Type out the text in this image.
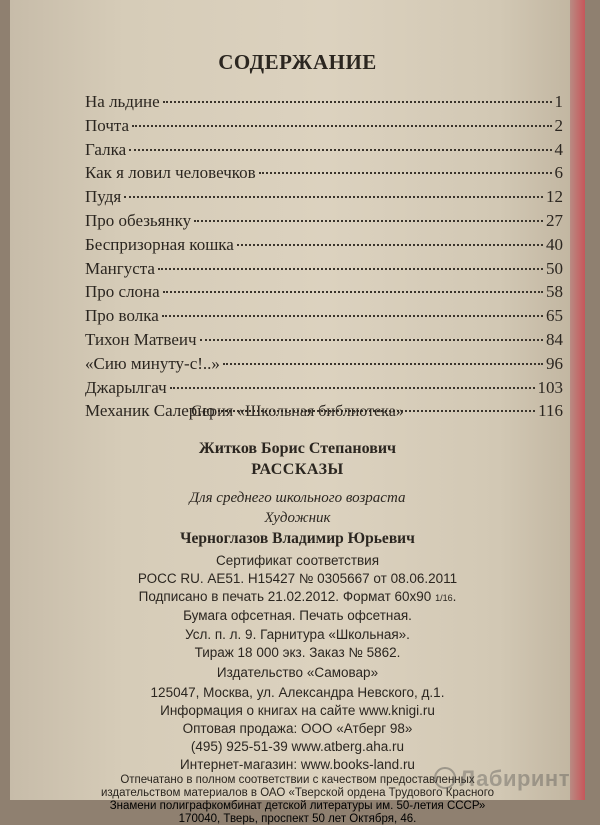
СОДЕРЖАНИЕ
На льдине	1
Почта	2
Галка	4
Как я ловил человечков	6
Пудя	12
Про обезьянку	27
Беспризорная кошка	40
Мангуста	50
Про слона	58
Про волка	65
Тихон Матвеич	84
«Сию минуту-с!..»	96
Джарылгач	103
Механик Салерно	116
Серия «Школьная библиотека»
Житков Борис Степанович
РАССКАЗЫ
Для среднего школьного возраста
Художник
Черноглазов Владимир Юрьевич
Сертификат соответствия
РОСС RU. АЕ51. Н15427 № 0305667 от 08.06.2011
Подписано в печать 21.02.2012. Формат 60х90 1/16.
Бумага офсетная. Печать офсетная.
Усл. п. л. 9. Гарнитура «Школьная».
Тираж 18 000 экз. Заказ № 5862.
Издательство «Самовар»
125047, Москва, ул. Александра Невского, д.1.
Информация о книгах на сайте www.knigi.ru
Оптовая продажа: ООО «Атберг 98»
(495) 925-51-39 www.atberg.aha.ru
Интернет-магазин: www.books-land.ru
Отпечатано в полном соответствии с качеством предоставленных
издательством материалов в ОАО «Тверской ордена Трудового Красного
Знамени полиграфкомбинат детской литературы им. 50-летия СССР»
170040, Тверь, проспект 50 лет Октября, 46.
Лабиринт
